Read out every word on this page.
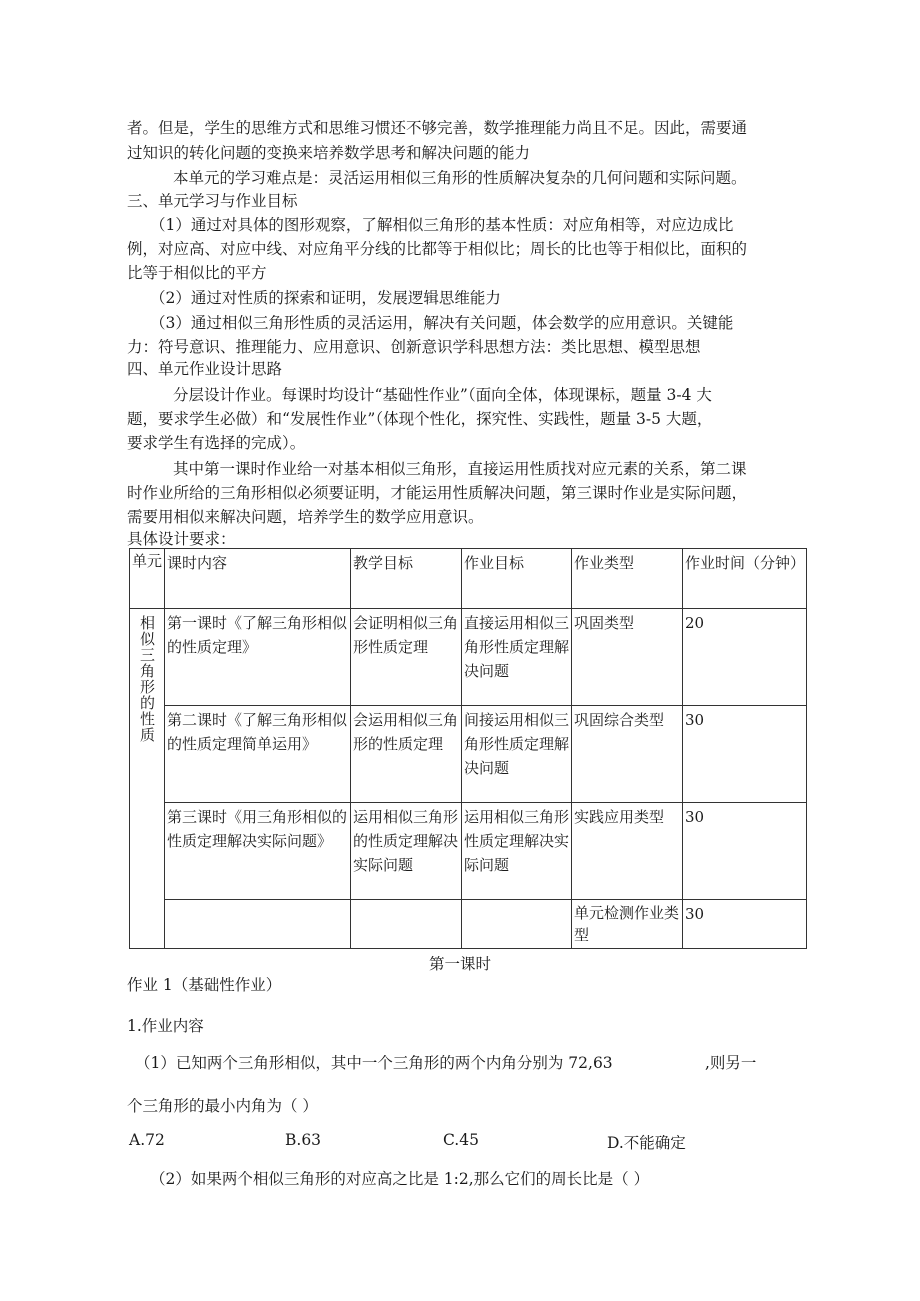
者。但是，学生的思维方式和思维习惯还不够完善，数学推理能力尚且不足。因此，需要通
过知识的转化问题的变换来培养数学思考和解决问题的能力
本单元的学习难点是：灵活运用相似三角形的性质解决复杂的几何问题和实际问题。
三、单元学习与作业目标
（1）通过对具体的图形观察，了解相似三角形的基本性质：对应角相等，对应边成比
例，对应高、对应中线、对应角平分线的比都等于相似比；周长的比也等于相似比，面积的
比等于相似比的平方
（2）通过对性质的探索和证明，发展逻辑思维能力
（3）通过相似三角形性质的灵活运用，解决有关问题，体会数学的应用意识。关键能
力：符号意识、推理能力、应用意识、创新意识学科思想方法：类比思想、模型思想
四、单元作业设计思路
分层设计作业。每课时均设计“基础性作业”（面向全体，体现课标，题量 3-4 大
题，要求学生必做）和“发展性作业”（体现个性化，探究性、实践性，题量 3-5 大题，
要求学生有选择的完成）。
其中第一课时作业给一对基本相似三角形，直接运用性质找对应元素的关系，第二课
时作业所给的三角形相似必须要证明，才能运用性质解决问题，第三课时作业是实际问题，
需要用相似来解决问题，培养学生的数学应用意识。
具体设计要求：
单元	课时内容	教学目标	作业目标	作业类型	作业时间（分钟）

相似三角形的性质	第一课时《了解三角形相似的性质定理》	会证明相似三角形性质定理	直接运用相似三角形性质定理解决问题	巩固类型	20
	第二课时《了解三角形相似的性质定理简单运用》	会运用相似三角形的性质定理	间接运用相似三角形性质定理解决问题	巩固综合类型	30
	第三课时《用三角形相似的性质定理解决实际问题》	运用相似三角形的性质定理解决实际问题	运用相似三角形性质定理解决实际问题	实践应用类型	30
				单元检测作业类型	30
第一课时
作业 1（基础性作业）
1.作业内容
（1）已知两个三角形相似，其中一个三角形的两个内角分别为 72,63	,则另一
个三角形的最小内角为（ ）
A.72	B.63	C.45	D.不能确定
（2）如果两个相似三角形的对应高之比是 1:2,那么它们的周长比是（ ）
